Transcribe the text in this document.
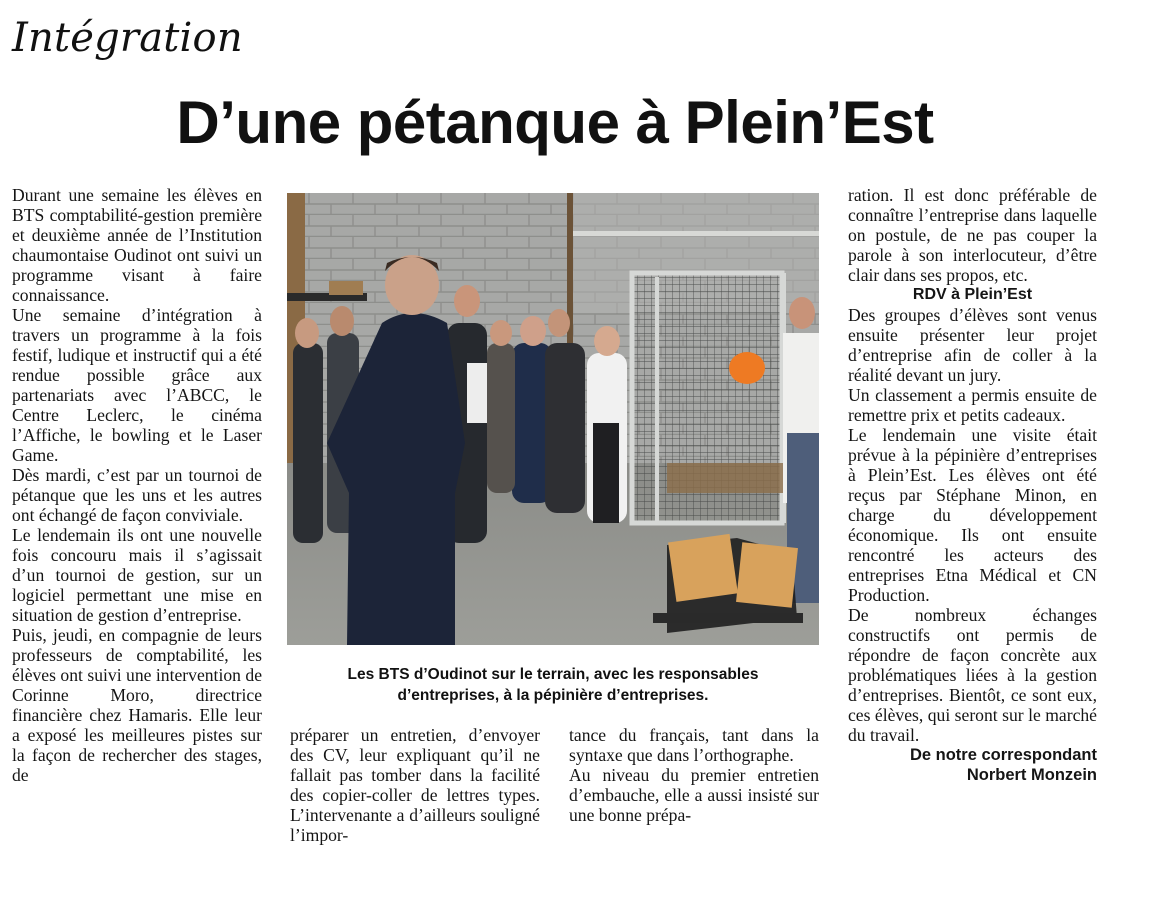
Intégration
D’une pétanque à Plein’Est

Durant une semaine les élèves en BTS comptabilité-gestion première et deuxième année de l’Institution chaumontaise Oudinot ont suivi un programme visant à faire connaissance.

Une semaine d’intégration à travers un programme à la fois festif, ludique et instructif qui a été rendue possible grâce aux partenariats avec l’ABCC, le Centre Leclerc, le cinéma l’Affiche, le bowling et le Laser Game.

Dès mardi, c’est par un tournoi de pétanque que les uns et les autres ont échangé de façon conviviale.

Le lendemain ils ont une nouvelle fois concouru mais il s’agissait d’un tournoi de gestion, sur un logiciel permettant une mise en situation de gestion d’entreprise.

Puis, jeudi, en compagnie de leurs professeurs de comptabilité, les élèves ont suivi une intervention de Corinne Moro, directrice financière chez Hamaris. Elle leur a exposé les meilleures pistes sur la façon de rechercher des stages, de

Les BTS d’Oudinot sur le terrain, avec les responsables
d’entreprises, à la pépinière d’entreprises.

préparer un entretien, d’envoyer des CV, leur expliquant qu’il ne fallait pas tomber dans la facilité des copier-coller de lettres types. L’intervenante a d’ailleurs souligné l’impor-

tance du français, tant dans la syntaxe que dans l’orthographe.

Au niveau du premier entretien d’embauche, elle a aussi insisté sur une bonne prépa-

ration. Il est donc préférable de connaître l’entreprise dans laquelle on postule, de ne pas couper la parole à son interlocuteur, d’être clair dans ses propos, etc.

RDV à Plein’Est

Des groupes d’élèves sont venus ensuite présenter leur projet d’entreprise afin de coller à la réalité devant un jury.

Un classement a permis ensuite de remettre prix et petits cadeaux.

Le lendemain une visite était prévue à la pépinière d’entreprises à Plein’Est. Les élèves ont été reçus par Stéphane Minon, en charge du développement économique. Ils ont ensuite rencontré les acteurs des entreprises Etna Médical et CN Production.

De nombreux échanges constructifs ont permis de répondre de façon concrète aux problématiques liées à la gestion d’entreprises. Bientôt, ce sont eux, ces élèves, qui seront sur le marché du travail.

De notre correspondant

Norbert Monzein
